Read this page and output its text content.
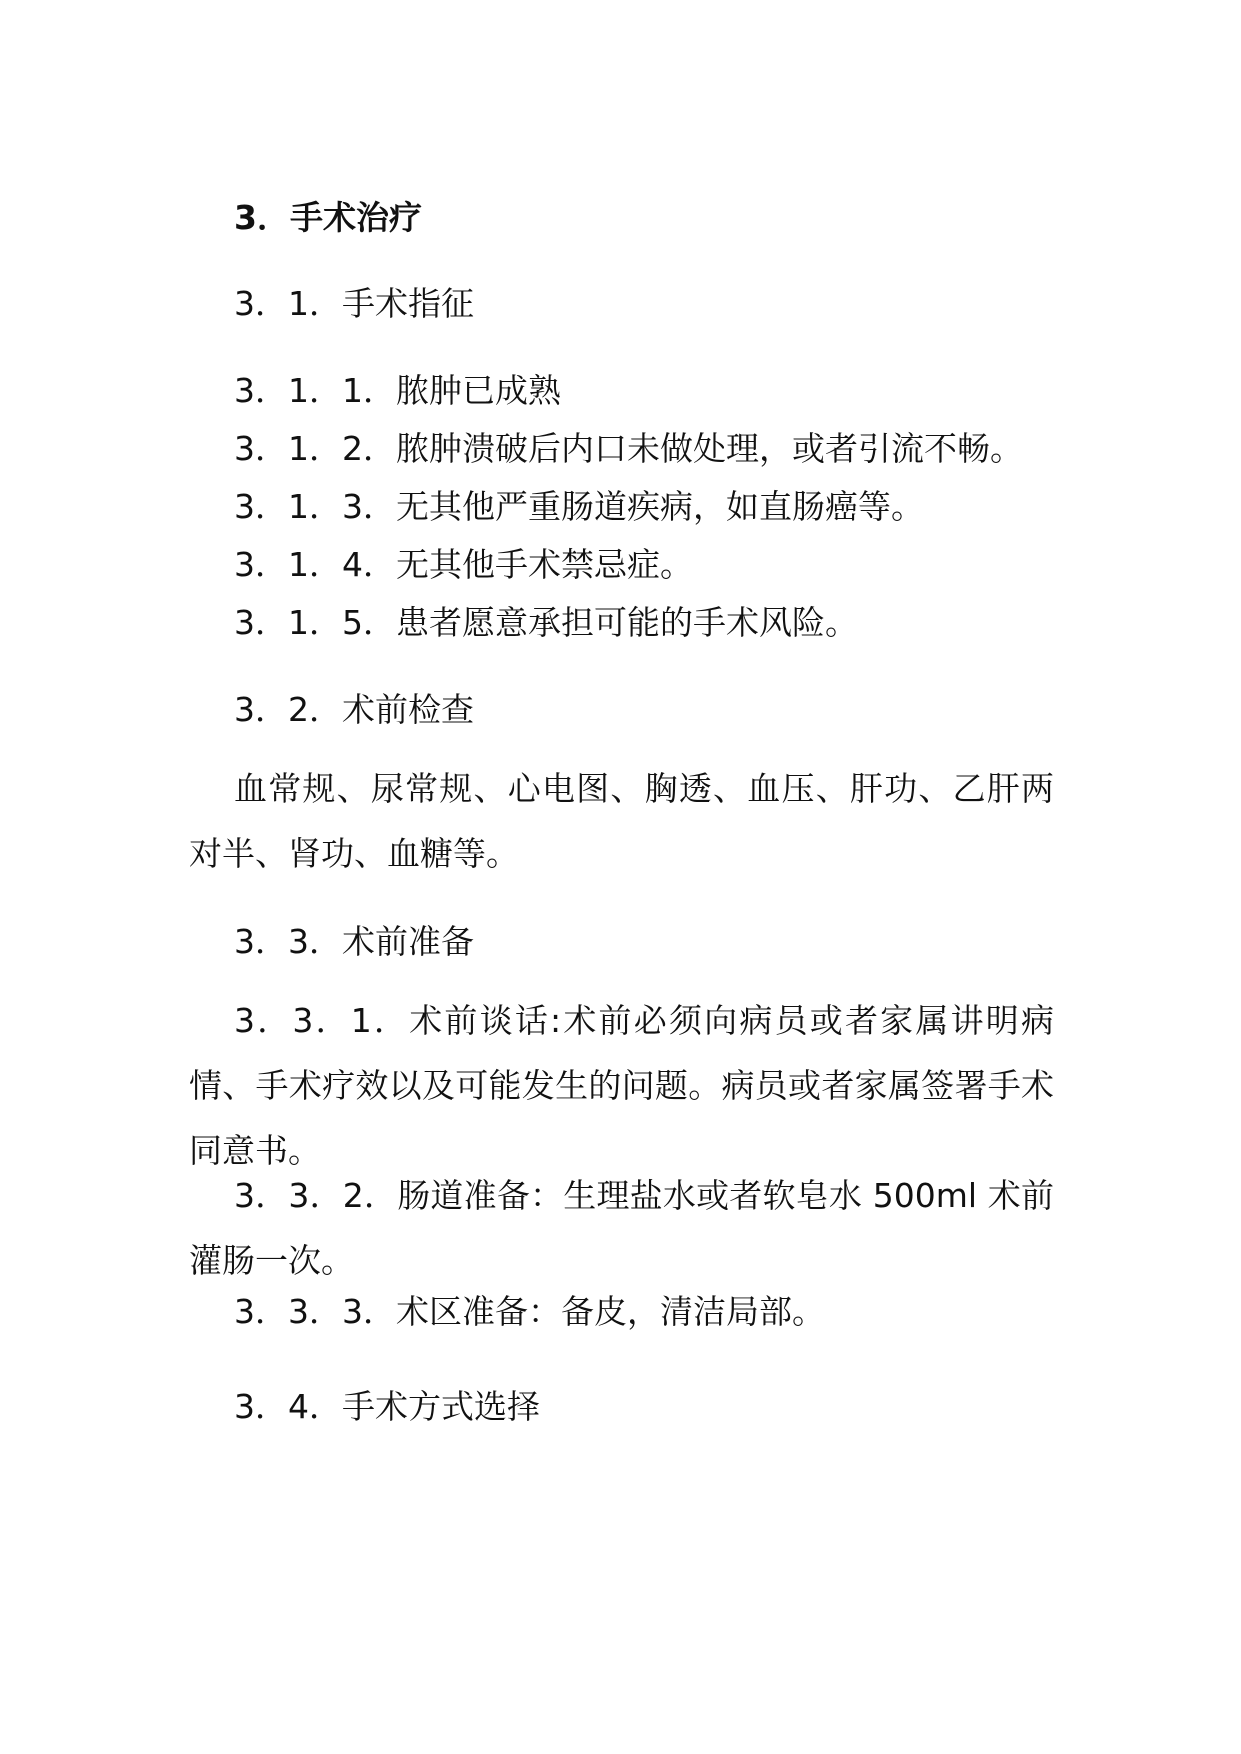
3．手术治疗
3．1．手术指征
3．1．1．脓肿已成熟
3．1．2．脓肿溃破后内口未做处理，或者引流不畅。
3．1．3．无其他严重肠道疾病，如直肠癌等。
3．1．4．无其他手术禁忌症。
3．1．5．患者愿意承担可能的手术风险。
3．2．术前检查
血常规、尿常规、心电图、胸透、血压、肝功、乙肝两对半、肾功、血糖等。
3．3．术前准备
3．3．1．术前谈话:术前必须向病员或者家属讲明病情、手术疗效以及可能发生的问题。病员或者家属签署手术同意书。
3．3．2．肠道准备：生理盐水或者软皂水 500ml 术前灌肠一次。
3．3．3．术区准备：备皮，清洁局部。
3．4．手术方式选择
